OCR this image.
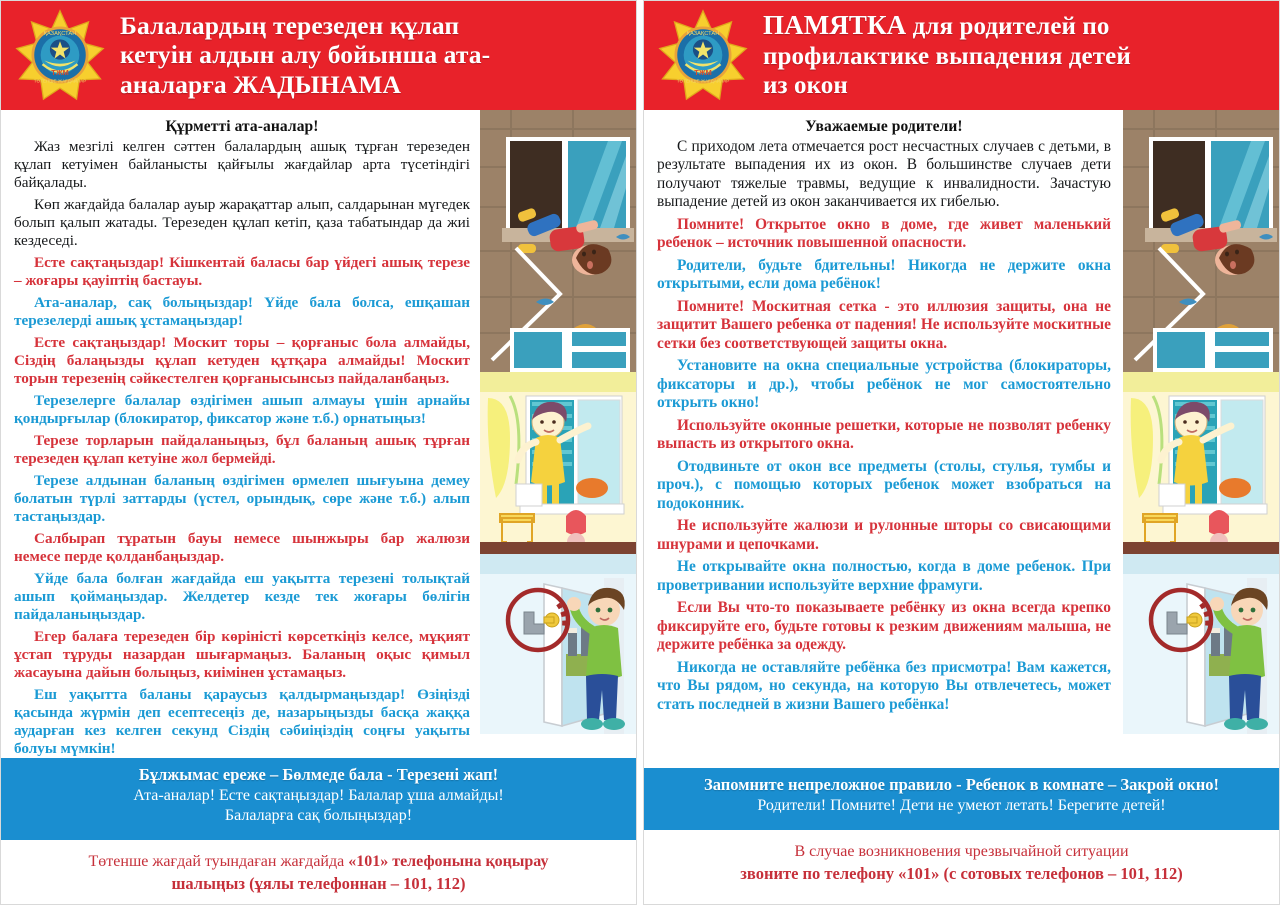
ҚАЗАҚСТАН
ТЖМ
ТӨТЕНШЕ ЖАҒДАЙЛАР
Балалардың терезеден құлап кетуін алдын алу бойынша ата-аналарға ЖАДЫНАМА
Құрметті ата-аналар!

Жаз мезгілі келген сәттен балалардың ашық тұрған терезеден құлап кетуімен байланысты қайғылы жағдайлар арта түсетіндігі байқалады.

Көп жағдайда балалар ауыр жарақаттар алып, салдарынан мүгедек болып қалып жатады. Терезеден құлап кетіп, қаза табатындар да жиі кездеседі.

Есте сақтаңыздар! Кішкентай баласы бар үйдегі ашық терезе – жоғары қауіптің бастауы.

Ата-аналар, сақ болыңыздар! Үйде бала болса, ешқашан терезелерді ашық ұстамаңыздар!

Есте сақтаңыздар! Москит торы – қорғаныс бола алмайды, Сіздің балаңызды құлап кетуден құтқара алмайды! Москит торын терезенің сәйкестелген қорғанысынсыз пайдаланбаңыз.

Терезелерге балалар өздігімен ашып алмауы үшін арнайы қондырғылар (блокиратор, фиксатор және т.б.) орнатыңыз!

Терезе торларын пайдаланыңыз, бұл баланың ашық тұрған терезеден құлап кетуіне жол бермейді.

Терезе алдынан баланың өздігімен өрмелеп шығуына демеу болатын түрлі заттарды (үстел, орындық, сөре және т.б.) алып тастаңыздар.

Салбырап тұратын бауы немесе шынжыры бар жалюзи немесе перде қолданбаңыздар.

Үйде бала болған жағдайда еш уақытта терезені толықтай ашып қоймаңыздар. Желдетер кезде тек жоғары бөлігін пайдаланыңыздар.

Егер балаға терезеден бір көріністі көрсеткіңіз келсе, мұқият ұстап тұруды назардан шығармаңыз. Баланың оқыс қимыл жасауына дайын болыңыз, киімінен ұстамаңыз.

Еш уақытта баланы қараусыз қалдырмаңыздар! Өзіңізді қасында жүрмін деп есептесеңіз де, назарыңызды басқа жаққа аударған кез келген секунд Сіздің сәбиіңіздің соңғы уақыты болуы мүмкін!

Бұлжымас ереже – Бөлмеде бала - Терезені жап!
Ата-аналар! Есте сақтаңыздар! Балалар ұша алмайды!
Балаларға сақ болыңыздар!
Төтенше жағдай туындаған жағдайда «101» телефонына қоңырау
шалыңыз (ұялы телефоннан – 101, 112)
ҚАЗАҚСТАН
ТЖМ
ТӨТЕНШЕ ЖАҒДАЙЛАР
ПАМЯТКА для родителей по профилактике выпадения детей из окон
Уважаемые родители!

С приходом лета отмечается рост несчастных случаев с детьми, в результате выпадения их из окон. В большинстве случаев дети получают тяжелые травмы, ведущие к инвалидности. Зачастую выпадение детей из окон заканчивается их гибелью.

Помните! Открытое окно в доме, где живет маленький ребенок – источник повышенной опасности.

Родители, будьте бдительны! Никогда не держите окна открытыми, если дома ребёнок!

Помните! Москитная сетка - это иллюзия защиты, она не защитит Вашего ребенка от падения! Не используйте москитные сетки без соответствующей защиты окна.

Установите на окна специальные устройства (блокираторы, фиксаторы и др.), чтобы ребёнок не мог самостоятельно открыть окно!

Используйте оконные решетки, которые не позволят ребенку выпасть из открытого окна.

Отодвиньте от окон все предметы (столы, стулья, тумбы и проч.), с помощью которых ребенок может взобраться на подоконник.

Не используйте жалюзи и рулонные шторы со свисающими шнурами и цепочками.

Не открывайте окна полностью, когда в доме ребенок. При проветривании используйте верхние фрамуги.

Если Вы что-то показываете ребёнку из окна всегда крепко фиксируйте его, будьте готовы к резким движениям малыша, не держите ребёнка за одежду.

Никогда не оставляйте ребёнка без присмотра! Вам кажется, что Вы рядом, но секунда, на которую Вы отвлечетесь, может стать последней в жизни Вашего ребёнка!

Запомните непреложное правило - Ребенок в комнате – Закрой окно!
Родители! Помните! Дети не умеют летать! Берегите детей!
В случае возникновения чрезвычайной ситуации
звоните по телефону «101» (с сотовых телефонов – 101, 112)
